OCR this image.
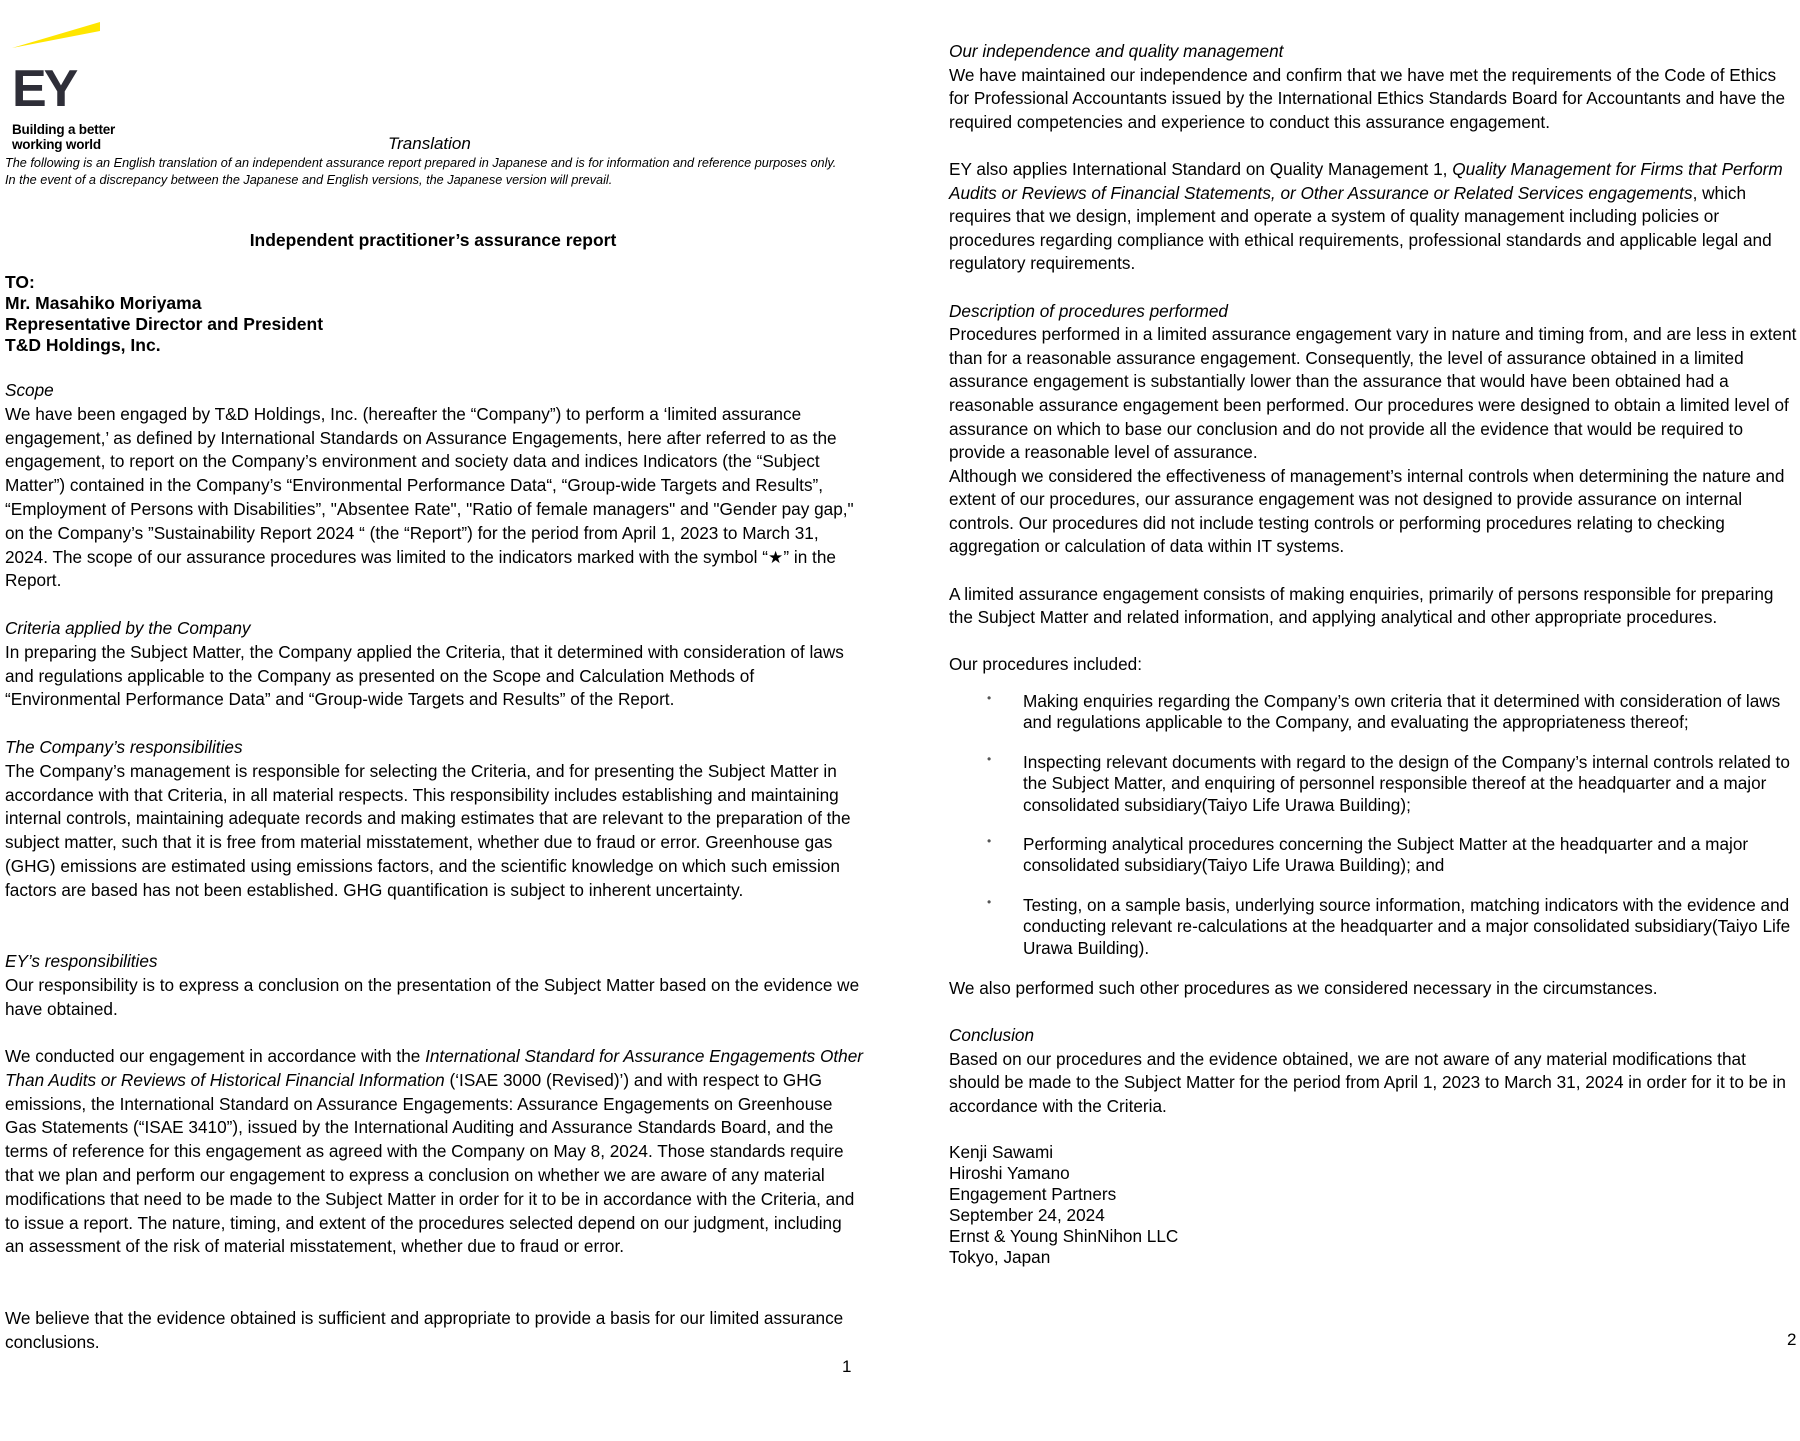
EY
Building a better
working world	Translation
The following is an English translation of an independent assurance report prepared in Japanese and is for information and reference purposes only. In the event of a discrepancy between the Japanese and English versions, the Japanese version will prevail.
Independent practitioner’s assurance report
TO:
Mr. Masahiko Moriyama
Representative Director and President
T&D Holdings, Inc.

Scope

We have been engaged by T&D Holdings, Inc. (hereafter the “Company”) to perform a ‘limited assurance engagement,’ as defined by International Standards on Assurance Engagements, here after referred to as the engagement, to report on the Company’s environment and society data and indices Indicators (the “Subject Matter”) contained in the Company’s “Environmental Performance Data“, “Group-wide Targets and Results”, “Employment of Persons with Disabilities”, "Absentee Rate", "Ratio of female managers" and "Gender pay gap," on the Company’s ”Sustainability Report 2024 “ (the “Report”) for the period from April 1, 2023 to March 31, 2024. The scope of our assurance procedures was limited to the indicators marked with the symbol “★” in the Report.

Criteria applied by the Company

In preparing the Subject Matter, the Company applied the Criteria, that it determined with consideration of laws and regulations applicable to the Company as presented on the Scope and Calculation Methods of “Environmental Performance Data” and “Group-wide Targets and Results” of the Report.

The Company’s responsibilities

The Company’s management is responsible for selecting the Criteria, and for presenting the Subject Matter in accordance with that Criteria, in all material respects. This responsibility includes establishing and maintaining internal controls, maintaining adequate records and making estimates that are relevant to the preparation of the subject matter, such that it is free from material misstatement, whether due to fraud or error. Greenhouse gas (GHG) emissions are estimated using emissions factors, and the scientific knowledge on which such emission factors are based has not been established. GHG quantification is subject to inherent uncertainty.

EY’s responsibilities

Our responsibility is to express a conclusion on the presentation of the Subject Matter based on the evidence we have obtained.

We conducted our engagement in accordance with the International Standard for Assurance Engagements Other Than Audits or Reviews of Historical Financial Information (‘ISAE 3000 (Revised)’) and with respect to GHG emissions, the International Standard on Assurance Engagements: Assurance Engagements on Greenhouse Gas Statements (“ISAE 3410”), issued by the International Auditing and Assurance Standards Board, and the terms of reference for this engagement as agreed with the Company on May 8, 2024. Those standards require that we plan and perform our engagement to express a conclusion on whether we are aware of any material modifications that need to be made to the Subject Matter in order for it to be in accordance with the Criteria, and to issue a report. The nature, timing, and extent of the procedures selected depend on our judgment, including an assessment of the risk of material misstatement, whether due to fraud or error.

We believe that the evidence obtained is sufficient and appropriate to provide a basis for our limited assurance conclusions.

1

Our independence and quality management

We have maintained our independence and confirm that we have met the requirements of the Code of Ethics for Professional Accountants issued by the International Ethics Standards Board for Accountants and have the required competencies and experience to conduct this assurance engagement.

EY also applies International Standard on Quality Management 1, Quality Management for Firms that Perform Audits or Reviews of Financial Statements, or Other Assurance or Related Services engagements, which requires that we design, implement and operate a system of quality management including policies or procedures regarding compliance with ethical requirements, professional standards and applicable legal and regulatory requirements.

Description of procedures performed

Procedures performed in a limited assurance engagement vary in nature and timing from, and are less in extent than for a reasonable assurance engagement. Consequently, the level of assurance obtained in a limited assurance engagement is substantially lower than the assurance that would have been obtained had a reasonable assurance engagement been performed. Our procedures were designed to obtain a limited level of assurance on which to base our conclusion and do not provide all the evidence that would be required to provide a reasonable level of assurance.

Although we considered the effectiveness of management’s internal controls when determining the nature and extent of our procedures, our assurance engagement was not designed to provide assurance on internal controls. Our procedures did not include testing controls or performing procedures relating to checking aggregation or calculation of data within IT systems.

A limited assurance engagement consists of making enquiries, primarily of persons responsible for preparing the Subject Matter and related information, and applying analytical and other appropriate procedures.

Our procedures included:

• Making enquiries regarding the Company’s own criteria that it determined with consideration of laws and regulations applicable to the Company, and evaluating the appropriateness thereof;
• Inspecting relevant documents with regard to the design of the Company’s internal controls related to the Subject Matter, and enquiring of personnel responsible thereof at the headquarter and a major consolidated subsidiary(Taiyo Life Urawa Building);
• Performing analytical procedures concerning the Subject Matter at the headquarter and a major consolidated subsidiary(Taiyo Life Urawa Building); and
• Testing, on a sample basis, underlying source information, matching indicators with the evidence and conducting relevant re-calculations at the headquarter and a major consolidated subsidiary(Taiyo Life Urawa Building).

We also performed such other procedures as we considered necessary in the circumstances.

Conclusion

Based on our procedures and the evidence obtained, we are not aware of any material modifications that should be made to the Subject Matter for the period from April 1, 2023 to March 31, 2024 in order for it to be in accordance with the Criteria.

Kenji Sawami
Hiroshi Yamano
Engagement Partners
September 24, 2024
Ernst & Young ShinNihon LLC
Tokyo, Japan
2
